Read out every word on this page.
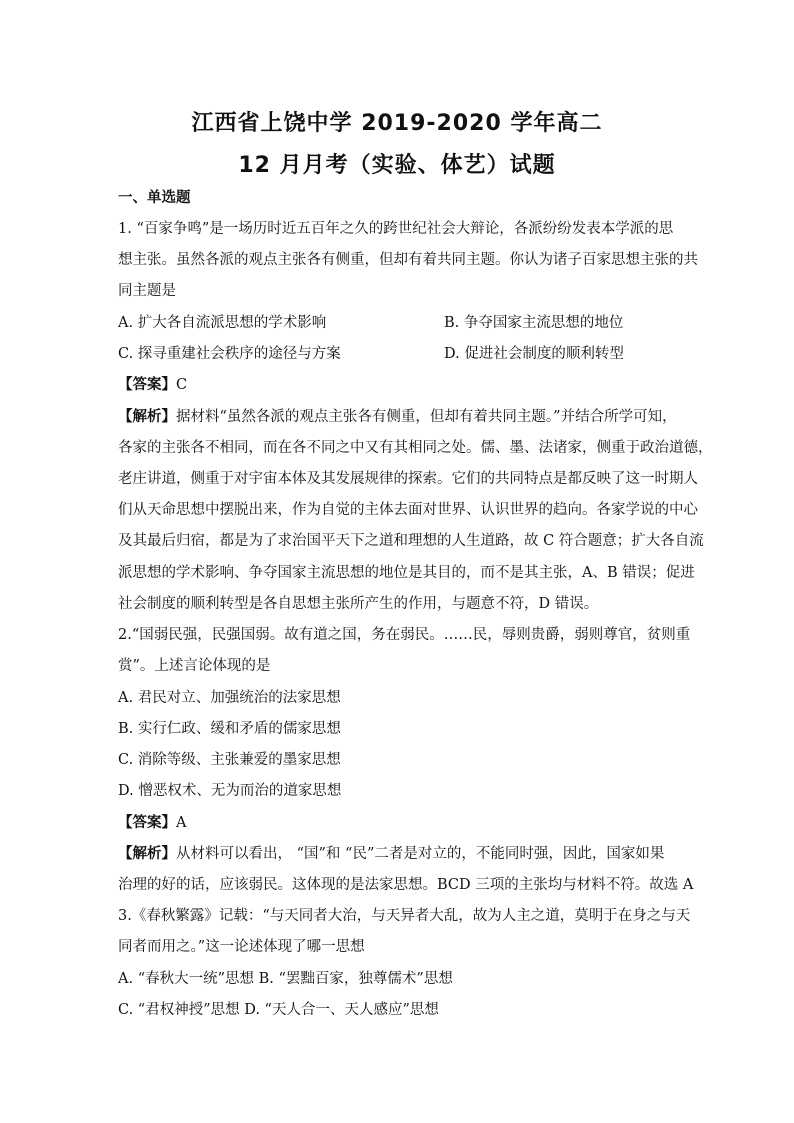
江西省上饶中学 2019-2020 学年高二
12 月月考（实验、体艺）试题
一、单选题
1. “百家争鸣”是一场历时近五百年之久的跨世纪社会大辩论，各派纷纷发表本学派的思
想主张。虽然各派的观点主张各有侧重，但却有着共同主题。你认为诸子百家思想主张的共
同主题是
A. 扩大各自流派思想的学术影响	B. 争夺国家主流思想的地位
C. 探寻重建社会秩序的途径与方案	D. 促进社会制度的顺利转型
【答案】C
【解析】据材料“虽然各派的观点主张各有侧重，但却有着共同主题。”并结合所学可知，
各家的主张各不相同，而在各不同之中又有其相同之处。儒、墨、法诸家，侧重于政治道德，
老庄讲道，侧重于对宇宙本体及其发展规律的探索。它们的共同特点是都反映了这一时期人
们从天命思想中摆脱出来，作为自觉的主体去面对世界、认识世界的趋向。各家学说的中心
及其最后归宿，都是为了求治国平天下之道和理想的人生道路，故 C 符合题意；扩大各自流
派思想的学术影响、争夺国家主流思想的地位是其目的，而不是其主张，A、B 错误；促进
社会制度的顺利转型是各自思想主张所产生的作用，与题意不符，D 错误。
2.“国弱民强，民强国弱。故有道之国，务在弱民。……民，辱则贵爵，弱则尊官，贫则重
赏”。上述言论体现的是
A. 君民对立、加强统治的法家思想
B. 实行仁政、缓和矛盾的儒家思想
C. 消除等级、主张兼爱的墨家思想
D. 憎恶权术、无为而治的道家思想
【答案】A
【解析】从材料可以看出， “国”和 “民”二者是对立的，不能同时强，因此，国家如果
治理的好的话，应该弱民。这体现的是法家思想。BCD 三项的主张均与材料不符。故选 A
3.《春秋繁露》记载：“与天同者大治，与天异者大乱，故为人主之道，莫明于在身之与天
同者而用之。”这一论述体现了哪一思想
A. “春秋大一统”思想 B. “罢黜百家，独尊儒术”思想
C. “君权神授”思想 D. “天人合一、天人感应”思想
